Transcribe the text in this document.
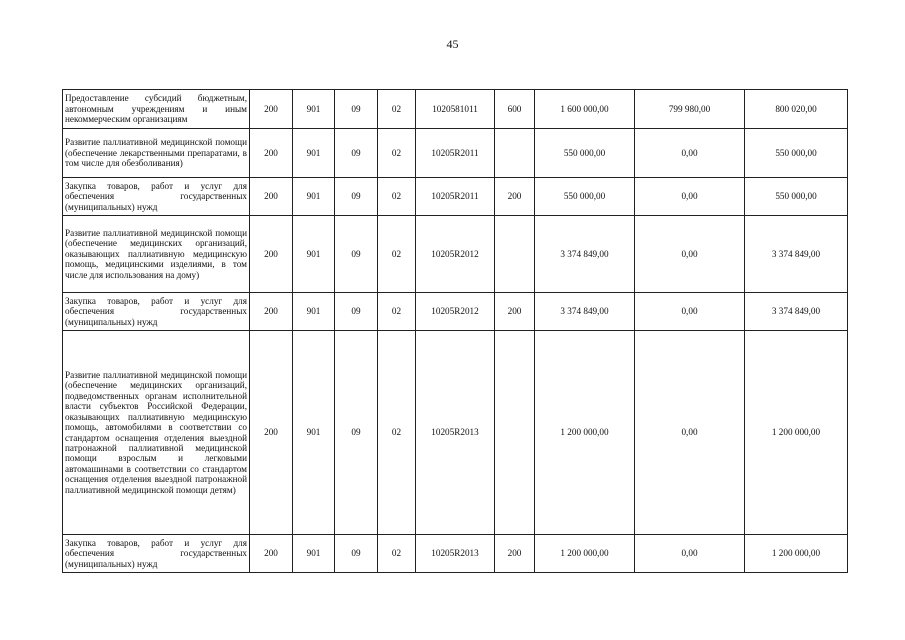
45
Предоставление субсидий бюджетным, автономным учреждениям и иным некоммерческим организациям	200	901	09	02	1020581011	600	1 600 000,00	799 980,00	800 020,00
Развитие паллиативной медицинской помощи (обеспечение лекарственными препаратами, в том числе для обезболивания)	200	901	09	02	10205R2011		550 000,00	0,00	550 000,00
Закупка товаров, работ и услуг для обеспечения государственных (муниципальных) нужд	200	901	09	02	10205R2011	200	550 000,00	0,00	550 000,00
Развитие паллиативной медицинской помощи (обеспечение медицинских организаций, оказывающих паллиативную медицинскую помощь, медицинскими изделиями, в том числе для использования на дому)	200	901	09	02	10205R2012		3 374 849,00	0,00	3 374 849,00
Закупка товаров, работ и услуг для обеспечения государственных (муниципальных) нужд	200	901	09	02	10205R2012	200	3 374 849,00	0,00	3 374 849,00
Развитие паллиативной медицинской помощи (обеспечение медицинских организаций, подведомственных органам исполнительной власти субъектов Российской Федерации, оказывающих паллиативную медицинскую помощь, автомобилями в соответствии со стандартом оснащения отделения выездной патронажной паллиативной медицинской помощи взрослым и легковыми автомашинами в соответствии со стандартом оснащения отделения выездной патронажной паллиативной медицинской помощи детям)	200	901	09	02	10205R2013		1 200 000,00	0,00	1 200 000,00
Закупка товаров, работ и услуг для обеспечения государственных (муниципальных) нужд	200	901	09	02	10205R2013	200	1 200 000,00	0,00	1 200 000,00
